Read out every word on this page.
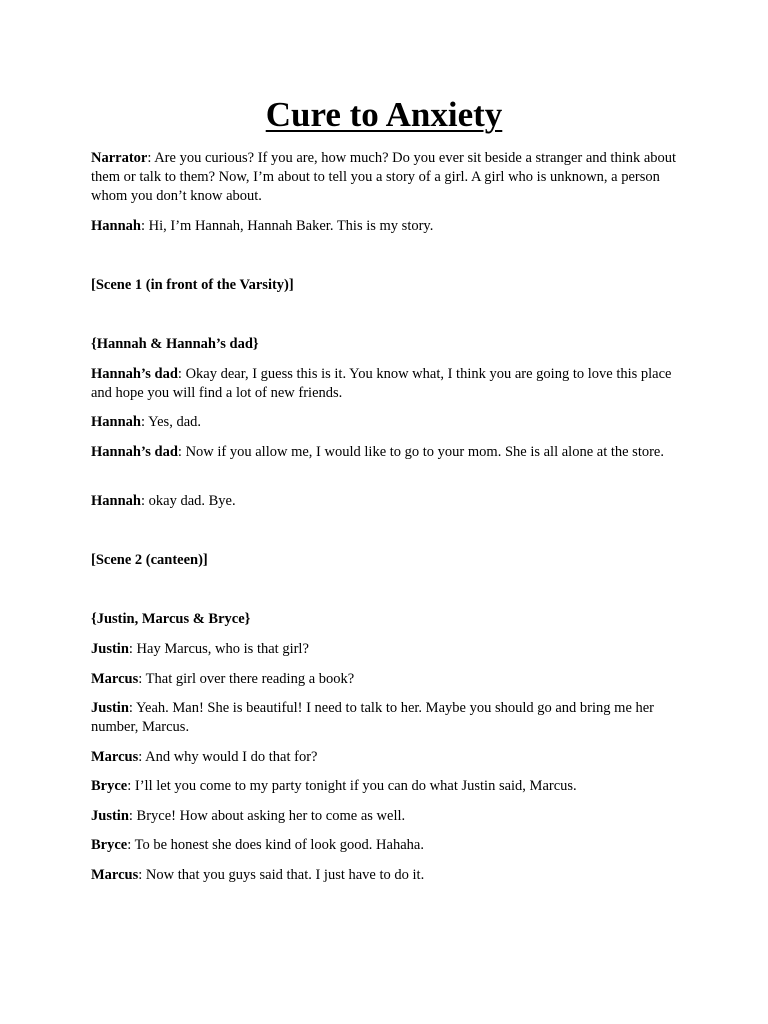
Cure to Anxiety

Narrator: Are you curious? If you are, how much? Do you ever sit beside a stranger and think about them or talk to them? Now, I’m about to tell you a story of a girl. A girl who is unknown, a person whom you don’t know about.

Hannah: Hi, I’m Hannah, Hannah Baker. This is my story.

[Scene 1 (in front of the Varsity)]

{Hannah & Hannah’s dad}

Hannah’s dad: Okay dear, I guess this is it. You know what, I think you are going to love this place and hope you will find a lot of new friends.

Hannah: Yes, dad.

Hannah’s dad: Now if you allow me, I would like to go to your mom. She is all alone at the store.

Hannah: okay dad. Bye.

[Scene 2 (canteen)]

{Justin, Marcus & Bryce}

Justin: Hay Marcus, who is that girl?

Marcus: That girl over there reading a book?

Justin: Yeah. Man! She is beautiful! I need to talk to her. Maybe you should go and bring me her number, Marcus.

Marcus: And why would I do that for?

Bryce: I’ll let you come to my party tonight if you can do what Justin said, Marcus.

Justin: Bryce! How about asking her to come as well.

Bryce: To be honest she does kind of look good. Hahaha.

Marcus: Now that you guys said that. I just have to do it.
